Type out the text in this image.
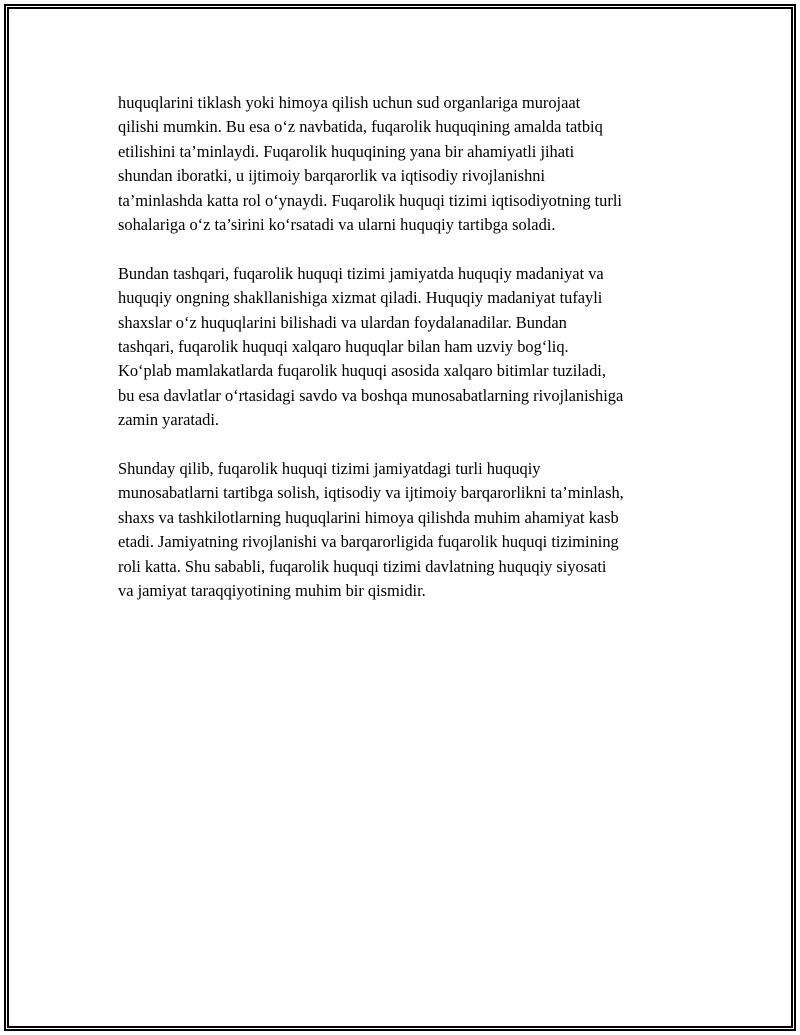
huquqlarini tiklash yoki himoya qilish uchun sud organlariga murojaat
qilishi mumkin. Bu esa o‘z navbatida, fuqarolik huquqining amalda tatbiq
etilishini ta’minlaydi. Fuqarolik huquqining yana bir ahamiyatli jihati
shundan iboratki, u ijtimoiy barqarorlik va iqtisodiy rivojlanishni
ta’minlashda katta rol o‘ynaydi. Fuqarolik huquqi tizimi iqtisodiyotning turli
sohalariga o‘z ta’sirini ko‘rsatadi va ularni huquqiy tartibga soladi.

Bundan tashqari, fuqarolik huquqi tizimi jamiyatda huquqiy madaniyat va
huquqiy ongning shakllanishiga xizmat qiladi. Huquqiy madaniyat tufayli
shaxslar o‘z huquqlarini bilishadi va ulardan foydalanadilar. Bundan
tashqari, fuqarolik huquqi xalqaro huquqlar bilan ham uzviy bog‘liq.
Ko‘plab mamlakatlarda fuqarolik huquqi asosida xalqaro bitimlar tuziladi,
bu esa davlatlar o‘rtasidagi savdo va boshqa munosabatlarning rivojlanishiga
zamin yaratadi.

Shunday qilib, fuqarolik huquqi tizimi jamiyatdagi turli huquqiy
munosabatlarni tartibga solish, iqtisodiy va ijtimoiy barqarorlikni ta’minlash,
shaxs va tashkilotlarning huquqlarini himoya qilishda muhim ahamiyat kasb
etadi. Jamiyatning rivojlanishi va barqarorligida fuqarolik huquqi tizimining
roli katta. Shu sababli, fuqarolik huquqi tizimi davlatning huquqiy siyosati
va jamiyat taraqqiyotining muhim bir qismidir.
